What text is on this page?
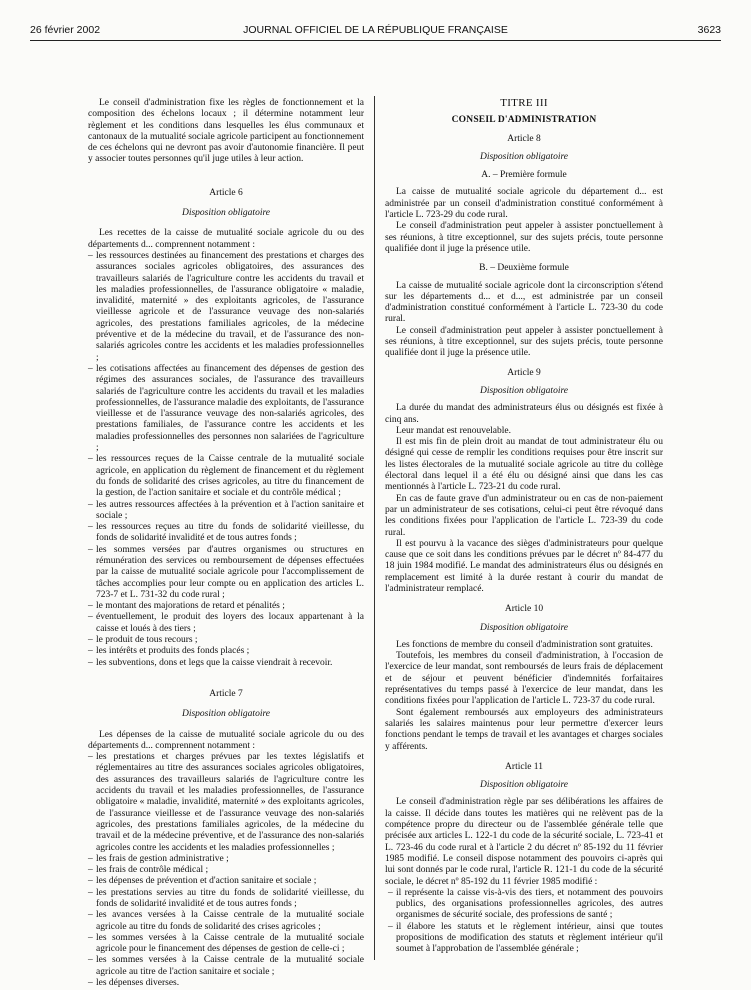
26 février 2002	JOURNAL OFFICIEL DE LA RÉPUBLIQUE FRANÇAISE	3623

Le conseil d'administration fixe les règles de fonctionnement et la composition des échelons locaux ; il détermine notamment leur règlement et les conditions dans lesquelles les élus communaux et cantonaux de la mutualité sociale agricole participent au fonctionnement de ces échelons qui ne devront pas avoir d'autonomie financière. Il peut y associer toutes personnes qu'il juge utiles à leur action.

Article 6

Disposition obligatoire

Les recettes de la caisse de mutualité sociale agricole du ou des départements d... comprennent notamment :

– les ressources destinées au financement des prestations et charges des assurances sociales agricoles obligatoires, des assurances des travailleurs salariés de l'agriculture contre les accidents du travail et les maladies professionnelles, de l'assurance obligatoire « maladie, invalidité, maternité » des exploitants agricoles, de l'assurance vieillesse agricole et de l'assurance veuvage des non-salariés agricoles, des prestations familiales agricoles, de la médecine préventive et de la médecine du travail, et de l'assurance des non-salariés agricoles contre les accidents et les maladies professionnelles ;
– les cotisations affectées au financement des dépenses de gestion des régimes des assurances sociales, de l'assurance des travailleurs salariés de l'agriculture contre les accidents du travail et les maladies professionnelles, de l'assurance maladie des exploitants, de l'assurance vieillesse et de l'assurance veuvage des non-salariés agricoles, des prestations familiales, de l'assurance contre les accidents et les maladies professionnelles des personnes non salariées de l'agriculture ;
– les ressources reçues de la Caisse centrale de la mutualité sociale agricole, en application du règlement de financement et du règlement du fonds de solidarité des crises agricoles, au titre du financement de la gestion, de l'action sanitaire et sociale et du contrôle médical ;
– les autres ressources affectées à la prévention et à l'action sanitaire et sociale ;
– les ressources reçues au titre du fonds de solidarité vieillesse, du fonds de solidarité invalidité et de tous autres fonds ;
– les sommes versées par d'autres organismes ou structures en rémunération des services ou remboursement de dépenses effectuées par la caisse de mutualité sociale agricole pour l'accomplissement de tâches accomplies pour leur compte ou en application des articles L. 723-7 et L. 731-32 du code rural ;
– le montant des majorations de retard et pénalités ;
– éventuellement, le produit des loyers des locaux appartenant à la caisse et loués à des tiers ;
– le produit de tous recours ;
– les intérêts et produits des fonds placés ;
– les subventions, dons et legs que la caisse viendrait à recevoir.

Article 7

Disposition obligatoire

Les dépenses de la caisse de mutualité sociale agricole du ou des départements d... comprennent notamment :

– les prestations et charges prévues par les textes législatifs et réglementaires au titre des assurances sociales agricoles obligatoires, des assurances des travailleurs salariés de l'agriculture contre les accidents du travail et les maladies professionnelles, de l'assurance obligatoire « maladie, invalidité, maternité » des exploitants agricoles, de l'assurance vieillesse et de l'assurance veuvage des non-salariés agricoles, des prestations familiales agricoles, de la médecine du travail et de la médecine préventive, et de l'assurance des non-salariés agricoles contre les accidents et les maladies professionnelles ;
– les frais de gestion administrative ;
– les frais de contrôle médical ;
– les dépenses de prévention et d'action sanitaire et sociale ;
– les prestations servies au titre du fonds de solidarité vieillesse, du fonds de solidarité invalidité et de tous autres fonds ;
– les avances versées à la Caisse centrale de la mutualité sociale agricole au titre du fonds de solidarité des crises agricoles ;
– les sommes versées à la Caisse centrale de la mutualité sociale agricole pour le financement des dépenses de gestion de celle-ci ;
– les sommes versées à la Caisse centrale de la mutualité sociale agricole au titre de l'action sanitaire et sociale ;
– les dépenses diverses.

TITRE III

CONSEIL D'ADMINISTRATION

Article 8

Disposition obligatoire

A. – Première formule

La caisse de mutualité sociale agricole du département d... est administrée par un conseil d'administration constitué conformément à l'article L. 723-29 du code rural.

Le conseil d'administration peut appeler à assister ponctuellement à ses réunions, à titre exceptionnel, sur des sujets précis, toute personne qualifiée dont il juge la présence utile.

B. – Deuxième formule

La caisse de mutualité sociale agricole dont la circonscription s'étend sur les départements d... et d..., est administrée par un conseil d'administration constitué conformément à l'article L. 723-30 du code rural.

Le conseil d'administration peut appeler à assister ponctuellement à ses réunions, à titre exceptionnel, sur des sujets précis, toute personne qualifiée dont il juge la présence utile.

Article 9

Disposition obligatoire

La durée du mandat des administrateurs élus ou désignés est fixée à cinq ans.

Leur mandat est renouvelable.

Il est mis fin de plein droit au mandat de tout administrateur élu ou désigné qui cesse de remplir les conditions requises pour être inscrit sur les listes électorales de la mutualité sociale agricole au titre du collège électoral dans lequel il a été élu ou désigné ainsi que dans les cas mentionnés à l'article L. 723-21 du code rural.

En cas de faute grave d'un administrateur ou en cas de non-paiement par un administrateur de ses cotisations, celui-ci peut être révoqué dans les conditions fixées pour l'application de l'article L. 723-39 du code rural.

Il est pourvu à la vacance des sièges d'administrateurs pour quelque cause que ce soit dans les conditions prévues par le décret nº 84-477 du 18 juin 1984 modifié. Le mandat des administrateurs élus ou désignés en remplacement est limité à la durée restant à courir du mandat de l'administrateur remplacé.

Article 10

Disposition obligatoire

Les fonctions de membre du conseil d'administration sont gratuites.

Toutefois, les membres du conseil d'administration, à l'occasion de l'exercice de leur mandat, sont remboursés de leurs frais de déplacement et de séjour et peuvent bénéficier d'indemnités forfaitaires représentatives du temps passé à l'exercice de leur mandat, dans les conditions fixées pour l'application de l'article L. 723-37 du code rural.

Sont également remboursés aux employeurs des administrateurs salariés les salaires maintenus pour leur permettre d'exercer leurs fonctions pendant le temps de travail et les avantages et charges sociales y afférents.

Article 11

Disposition obligatoire

Le conseil d'administration règle par ses délibérations les affaires de la caisse. Il décide dans toutes les matières qui ne relèvent pas de la compétence propre du directeur ou de l'assemblée générale telle que précisée aux articles L. 122-1 du code de la sécurité sociale, L. 723-41 et L. 723-46 du code rural et à l'article 2 du décret nº 85-192 du 11 février 1985 modifié. Le conseil dispose notamment des pouvoirs ci-après qui lui sont donnés par le code rural, l'article R. 121-1 du code de la sécurité sociale, le décret nº 85-192 du 11 février 1985 modifié :

– il représente la caisse vis-à-vis des tiers, et notamment des pouvoirs publics, des organisations professionnelles agricoles, des autres organismes de sécurité sociale, des professions de santé ;
– il élabore les statuts et le règlement intérieur, ainsi que toutes propositions de modification des statuts et règlement intérieur qu'il soumet à l'approbation de l'assemblée générale ;
